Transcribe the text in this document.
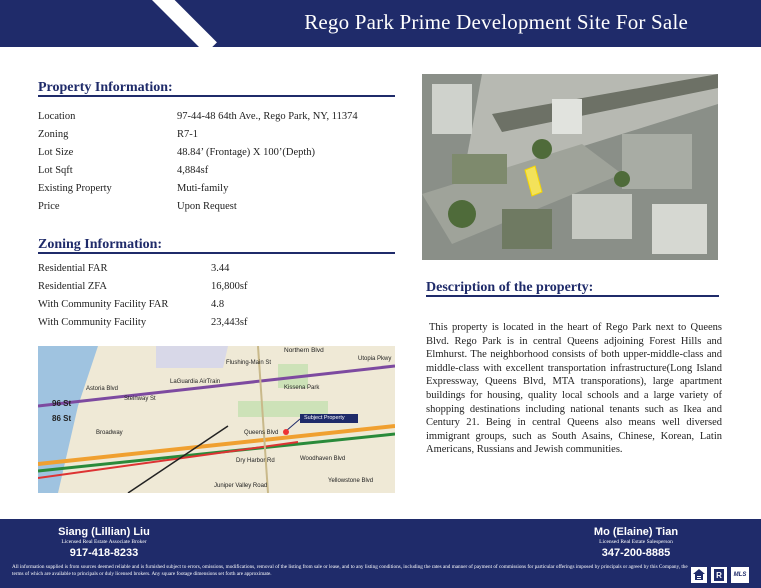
Rego Park Prime Development Site For Sale
Property Information:
Location	97-44-48 64th Ave., Rego Park, NY, 11374
Zoning	R7-1
Lot Size	48.84’ (Frontage) X 100’(Depth)
Lot Sqft	4,884sf
Existing Property	Muti-family
Price	Upon Request
Zoning Information:
Residential FAR	3.44
Residential ZFA	16,800sf
With Community Facility FAR	4.8
With Community Facility	23,443sf
Description of the property:
This property is located in the heart of Rego Park next to Queens Blvd. Rego Park is in central Queens adjoining Forest Hills and Elmhurst. The neighborhood consists of both upper-middle-class and middle-class with excellent transportation infrastructure(Long Island Expressway, Queens Blvd, MTA transporations), large apartment buildings for housing, quality local schools and a large variety of shopping destinations including national tenants such as Ikea and Century 21. Being in central Queens also means well diversed immigrant groups, such as South Asains, Chinese, Korean, Latin Americans, Russians and Jewish communities.
Northern Blvd
Flushing-Main St
Kissena Park
Subject Property
Woodhaven Blvd
Queens Blvd
Yellowstone Blvd
Juniper Valley Road
LaGuardia AirTrain
Astoria Blvd
Steinway St
Broadway
Dry Harbor Rd
96 St
86 St
Utopia Pkwy
Siang (Lillian) Liu
Licensed Real Estate Associate Broker
917-418-8233
Mo (Elaine) Tian
Licensed Real Estate Salesperson
347-200-8885
All information supplied is from sources deemed reliable and is furnished subject to errors, omissions, modifications, removal of the listing from sale or lease, and to any listing conditions, including the rates and manner of payment of commissions for particular offerings imposed by principals or agreed by this Company, the terms of which are available to principals or duly licensed brokers. Any square footage dimensions set forth are approximate.	R	MLS
